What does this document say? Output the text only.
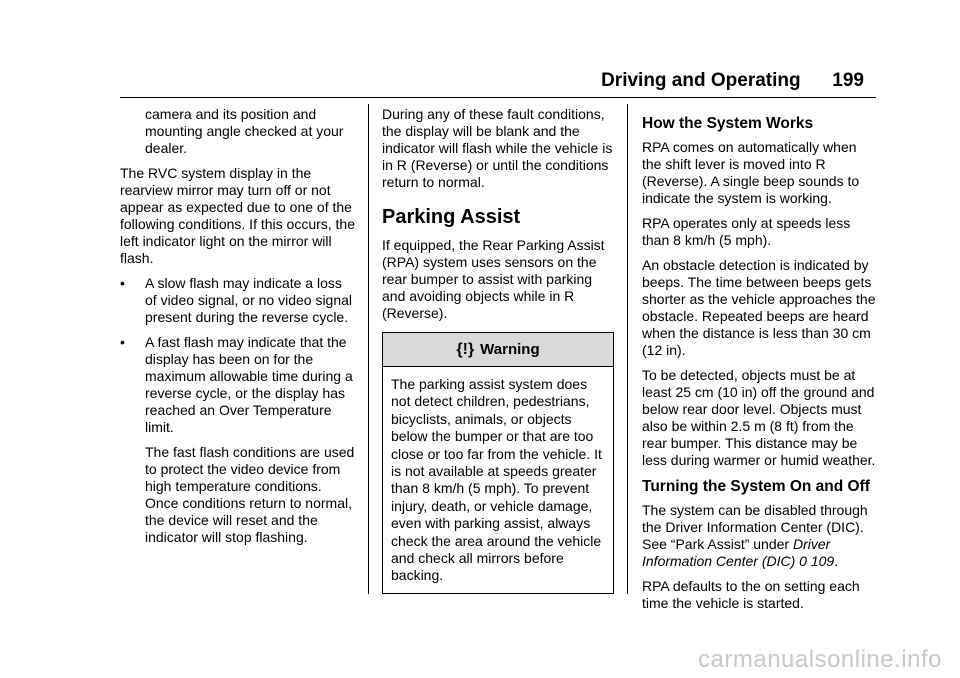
Driving and Operating 199

camera and its position and mounting angle checked at your dealer.

The RVC system display in the rearview mirror may turn off or not appear as expected due to one of the following conditions. If this occurs, the left indicator light on the mirror will flash.

• A slow flash may indicate a loss of video signal, or no video signal present during the reverse cycle.
• A fast flash may indicate that the display has been on for the maximum allowable time during a reverse cycle, or the display has reached an Over Temperature limit.

The fast flash conditions are used to protect the video device from high temperature conditions. Once conditions return to normal, the device will reset and the indicator will stop flashing.

During any of these fault conditions, the display will be blank and the indicator will flash while the vehicle is in R (Reverse) or until the conditions return to normal.

Parking Assist

If equipped, the Rear Parking Assist (RPA) system uses sensors on the rear bumper to assist with parking and avoiding objects while in R (Reverse).

{!} Warning
The parking assist system does not detect children, pedestrians, bicyclists, animals, or objects below the bumper or that are too close or too far from the vehicle. It is not available at speeds greater than 8 km/h (5 mph). To prevent injury, death, or vehicle damage, even with parking assist, always check the area around the vehicle and check all mirrors before backing.
How the System Works

RPA comes on automatically when the shift lever is moved into R (Reverse). A single beep sounds to indicate the system is working.

RPA operates only at speeds less than 8 km/h (5 mph).

An obstacle detection is indicated by beeps. The time between beeps gets shorter as the vehicle approaches the obstacle. Repeated beeps are heard when the distance is less than 30 cm (12 in).

To be detected, objects must be at least 25 cm (10 in) off the ground and below rear door level. Objects must also be within 2.5 m (8 ft) from the rear bumper. This distance may be less during warmer or humid weather.

Turning the System On and Off

The system can be disabled through the Driver Information Center (DIC). See “Park Assist” under Driver Information Center (DIC) 0 109.

RPA defaults to the on setting each time the vehicle is started.

carmanualsonline.info
